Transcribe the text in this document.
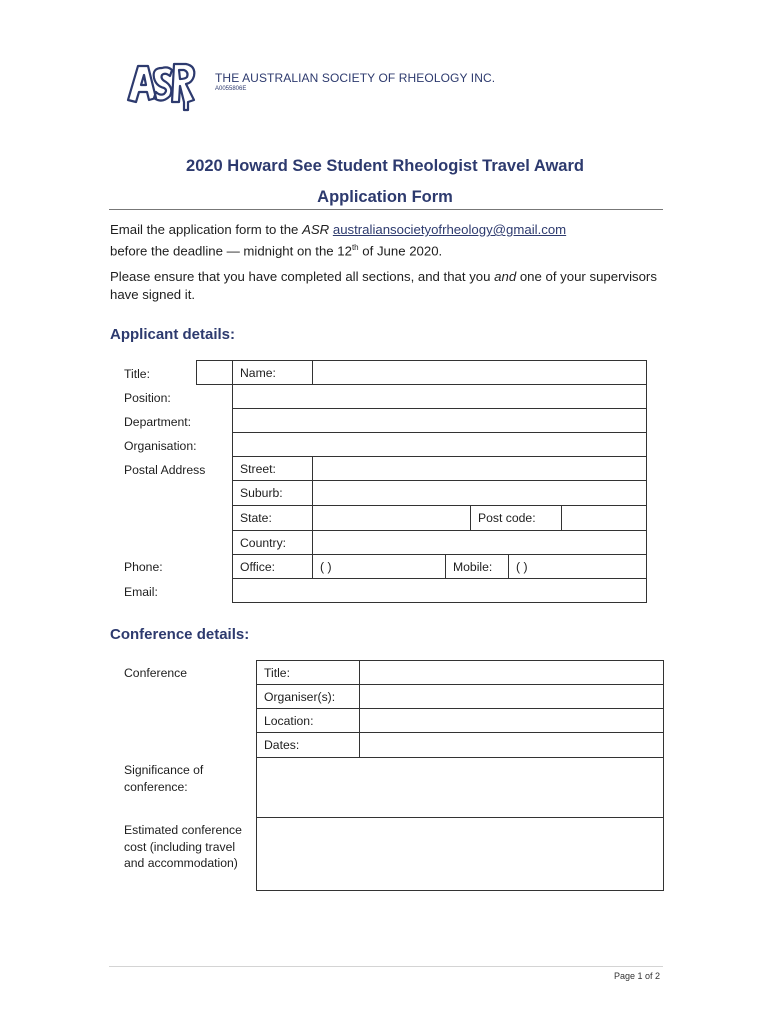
THE AUSTRALIAN SOCIETY OF RHEOLOGY INC.
A0055806E
2020 Howard See Student Rheologist Travel Award
Application Form
Email the application form to the ASR australiansocietyofrheology@gmail.com
before the deadline — midnight on the 12th of June 2020.
Please ensure that you have completed all sections, and that you and one of your supervisors have signed it.
Applicant details:
Title:	Name:
Position:
Department:
Organisation:
Postal Address	Street:
Suburb:
State:	Post code:
Country:
Phone:	Office:	( )	Mobile: ( )
Email:
Conference details:
Conference	Title:
Organiser(s):
Location:
Dates:
Significance of conference:
Estimated conference cost (including travel and accommodation)
Page 1 of 2
